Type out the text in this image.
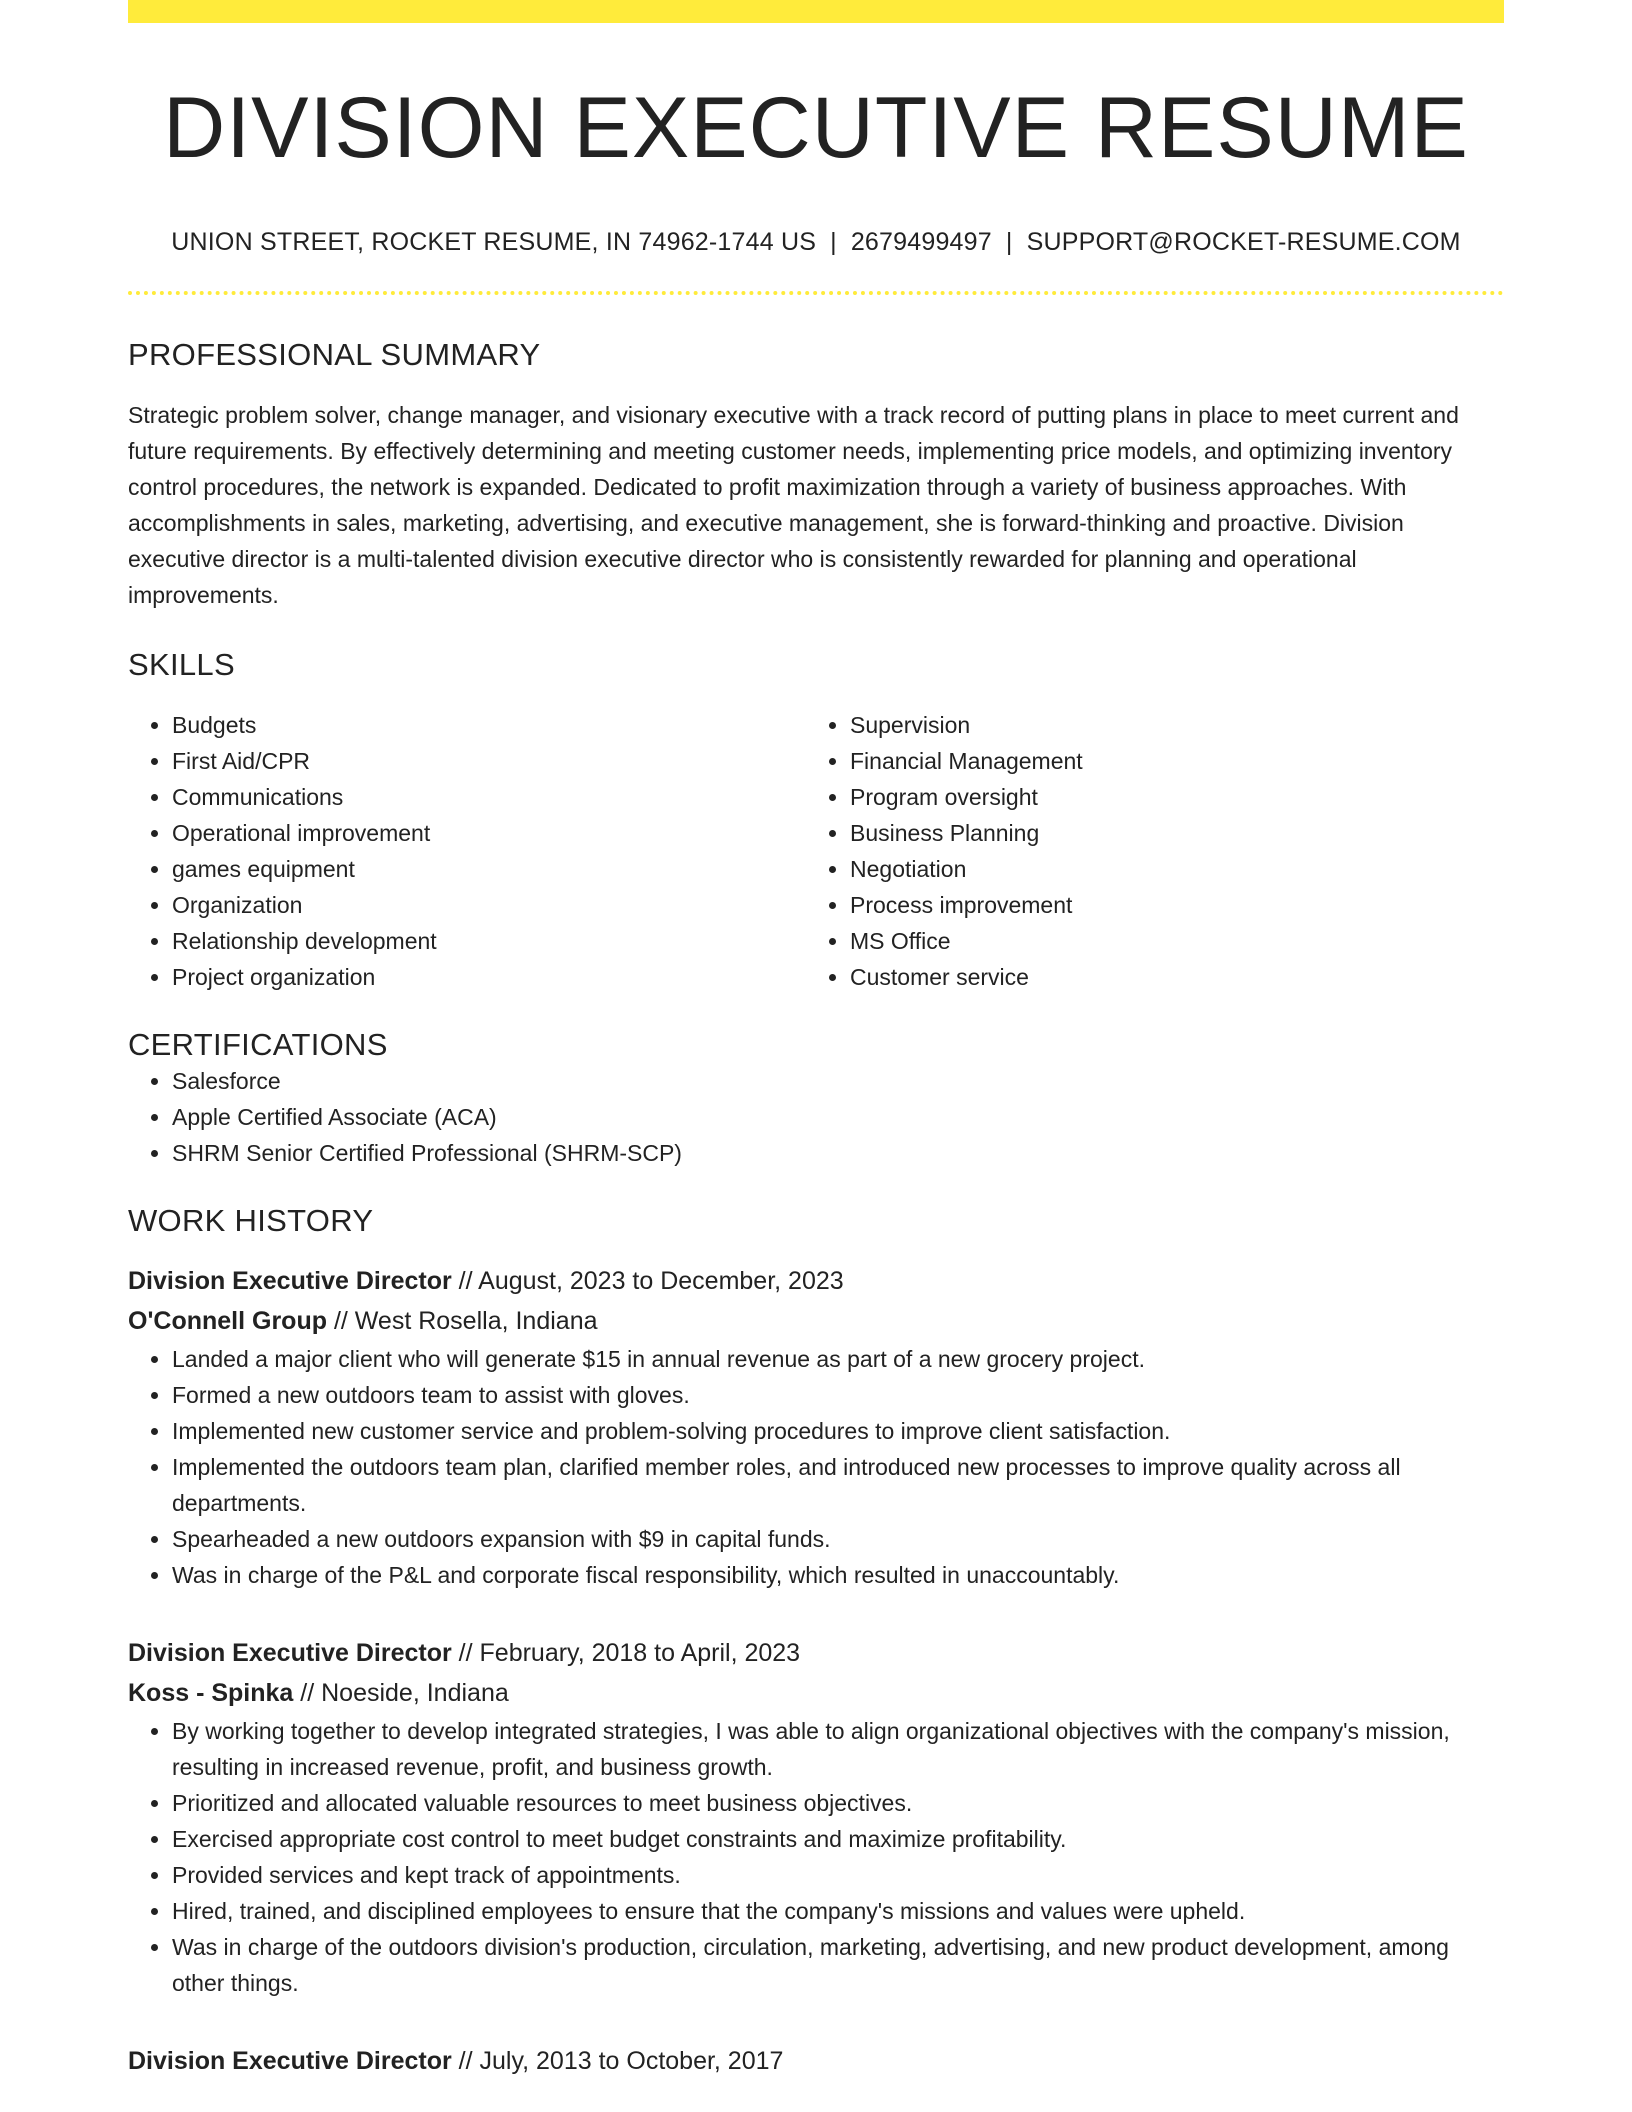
DIVISION EXECUTIVE RESUME
UNION STREET, ROCKET RESUME, IN 74962-1744 US | 2679499497 | SUPPORT@ROCKET-RESUME.COM
PROFESSIONAL SUMMARY
Strategic problem solver, change manager, and visionary executive with a track record of putting plans in place to meet current and future requirements. By effectively determining and meeting customer needs, implementing price models, and optimizing inventory control procedures, the network is expanded. Dedicated to profit maximization through a variety of business approaches. With accomplishments in sales, marketing, advertising, and executive management, she is forward-thinking and proactive. Division executive director is a multi-talented division executive director who is consistently rewarded for planning and operational improvements.
SKILLS
• Budgets
• First Aid/CPR
• Communications
• Operational improvement
• games equipment
• Organization
• Relationship development
• Project organization
• Supervision
• Financial Management
• Program oversight
• Business Planning
• Negotiation
• Process improvement
• MS Office
• Customer service
CERTIFICATIONS
• Salesforce
• Apple Certified Associate (ACA)
• SHRM Senior Certified Professional (SHRM-SCP)
WORK HISTORY
Division Executive Director // August, 2023 to December, 2023
O'Connell Group // West Rosella, Indiana
• Landed a major client who will generate $15 in annual revenue as part of a new grocery project.
• Formed a new outdoors team to assist with gloves.
• Implemented new customer service and problem-solving procedures to improve client satisfaction.
• Implemented the outdoors team plan, clarified member roles, and introduced new processes to improve quality across all departments.
• Spearheaded a new outdoors expansion with $9 in capital funds.
• Was in charge of the P&L and corporate fiscal responsibility, which resulted in unaccountably.
Division Executive Director // February, 2018 to April, 2023
Koss - Spinka // Noeside, Indiana
• By working together to develop integrated strategies, I was able to align organizational objectives with the company's mission, resulting in increased revenue, profit, and business growth.
• Prioritized and allocated valuable resources to meet business objectives.
• Exercised appropriate cost control to meet budget constraints and maximize profitability.
• Provided services and kept track of appointments.
• Hired, trained, and disciplined employees to ensure that the company's missions and values were upheld.
• Was in charge of the outdoors division's production, circulation, marketing, advertising, and new product development, among other things.
Division Executive Director // July, 2013 to October, 2017
